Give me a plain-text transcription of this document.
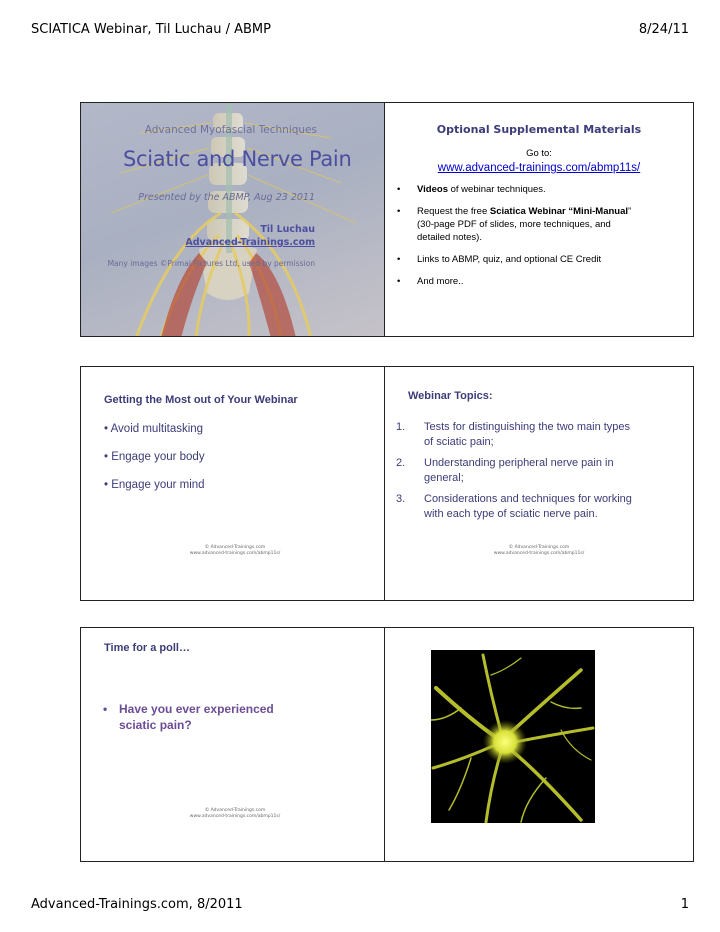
SCIATICA Webinar, Til Luchau / ABMP	8/24/11
Advanced Myofascial Techniques
Sciatic and Nerve Pain
Presented by the ABMP, Aug 23 2011
Til Luchau
Advanced-Trainings.com
Many images ©Primal Pictures Ltd, used by permission
Optional Supplemental Materials
Go to:
www.advanced-trainings.com/abmp11s/
• Videos of webinar techniques.
• Request the free Sciatica Webinar “Mini-Manual” (30-page PDF of slides, more techniques, and detailed notes).
• Links to ABMP, quiz, and optional CE Credit
• And more..
Getting the Most out of Your Webinar
• Avoid multitasking
• Engage your body
• Engage your mind
© Advanced-Trainings.com
www.advanced-trainings.com/abmp11s/
Webinar Topics:
1. Tests for distinguishing the two main types of sciatic pain;
2. Understanding peripheral nerve pain in general;
3. Considerations and techniques for working with each type of sciatic nerve pain.
© Advanced-Trainings.com
www.advanced-trainings.com/abmp11s/
Time for a poll…
• Have you ever experienced sciatic pain?
© Advanced-Trainings.com
www.advanced-trainings.com/abmp11s/
Advanced-Trainings.com, 8/2011	1
